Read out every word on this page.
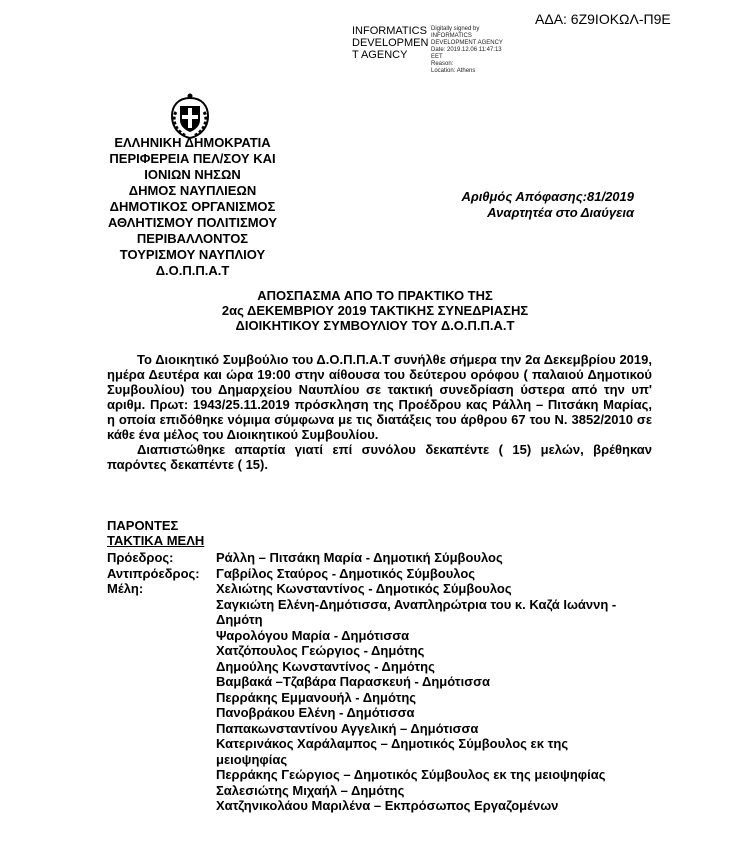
ΑΔΑ: 6Ζ9ΙΟΚΩΛ-Π9Ε
INFORMATICS
DEVELOPMEN
T AGENCY
Digitally signed by
INFORMATICS
DEVELOPMENT AGENCY
Date: 2019.12.06 11:47:13
EET
Reason:
Location: Athens
ΕΛΛΗΝΙΚΗ ΔΗΜΟΚΡΑΤΙΑ
ΠΕΡΙΦΕΡΕΙΑ ΠΕΛ/ΣΟΥ ΚΑΙ
ΙΟΝΙΩΝ ΝΗΣΩΝ
ΔΗΜΟΣ ΝΑΥΠΛΙΕΩΝ
ΔΗΜΟΤΙΚΟΣ ΟΡΓΑΝΙΣΜΟΣ
ΑΘΛΗΤΙΣΜΟΥ ΠΟΛΙΤΙΣΜΟΥ
ΠΕΡΙΒΑΛΛΟΝΤΟΣ
ΤΟΥΡΙΣΜΟΥ ΝΑΥΠΛΙΟΥ
Δ.Ο.Π.Π.Α.Τ
Αριθμός Απόφασης:81/2019
Αναρτητέα στο Διαύγεια
ΑΠΟΣΠΑΣΜΑ ΑΠΟ ΤΟ ΠΡΑΚΤΙΚΟ ΤΗΣ
2ας ΔΕΚΕΜΒΡΙΟΥ 2019 ΤΑΚΤΙΚΗΣ ΣΥΝΕΔΡΙΑΣΗΣ
ΔΙΟΙΚΗΤΙΚΟΥ ΣΥΜΒΟΥΛΙΟΥ ΤΟΥ Δ.Ο.Π.Π.Α.Τ

Το Διοικητικό Συμβούλιο του Δ.Ο.Π.Π.Α.Τ συνήλθε σήμερα την 2α Δεκεμβρίου 2019, ημέρα Δευτέρα και ώρα 19:00 στην αίθουσα του δεύτερου ορόφου ( παλαιού Δημοτικού Συμβουλίου) του Δημαρχείου Ναυπλίου σε τακτική συνεδρίαση ύστερα από την υπ' αριθμ. Πρωτ: 1943/25.11.2019 πρόσκληση της Προέδρου κας Ράλλη – Πιτσάκη Μαρίας, η οποία επιδόθηκε νόμιμα σύμφωνα με τις διατάξεις του άρθρου 67 του Ν. 3852/2010 σε κάθε ένα μέλος του Διοικητικού Συμβουλίου.

Διαπιστώθηκε απαρτία γιατί επί συνόλου δεκαπέντε ( 15) μελών, βρέθηκαν παρόντες δεκαπέντε ( 15).

ΠΑΡΟΝΤΕΣ
ΤΑΚΤΙΚΑ ΜΕΛΗ
Πρόεδρος:	Ράλλη – Πιτσάκη Μαρία - Δημοτική Σύμβουλος
Αντιπρόεδρος:	Γαβρίλος Σταύρος - Δημοτικός Σύμβουλος
Μέλη:	Χελιώτης Κωνσταντίνος - Δημοτικός Σύμβουλος
Σαγκιώτη Ελένη-Δημότισσα, Αναπληρώτρια του κ. Καζά Ιωάννη - Δημότη
Ψαρολόγου Μαρία - Δημότισσα
Χατζόπουλος Γεώργιος - Δημότης
Δημούλης Κωνσταντίνος - Δημότης
Βαμβακά –Τζαβάρα Παρασκευή - Δημότισσα
Περράκης Εμμανουήλ - Δημότης
Πανοβράκου Ελένη - Δημότισσα
Παπακωνσταντίνου Αγγελική – Δημότισσα
Κατερινάκος Χαράλαμπος – Δημοτικός Σύμβουλος εκ της μειοψηφίας
Περράκης Γεώργιος – Δημοτικός Σύμβουλος εκ της μειοψηφίας
Σαλεσιώτης Μιχαήλ – Δημότης
Χατζηνικολάου Μαριλένα – Εκπρόσωπος Εργαζομένων
